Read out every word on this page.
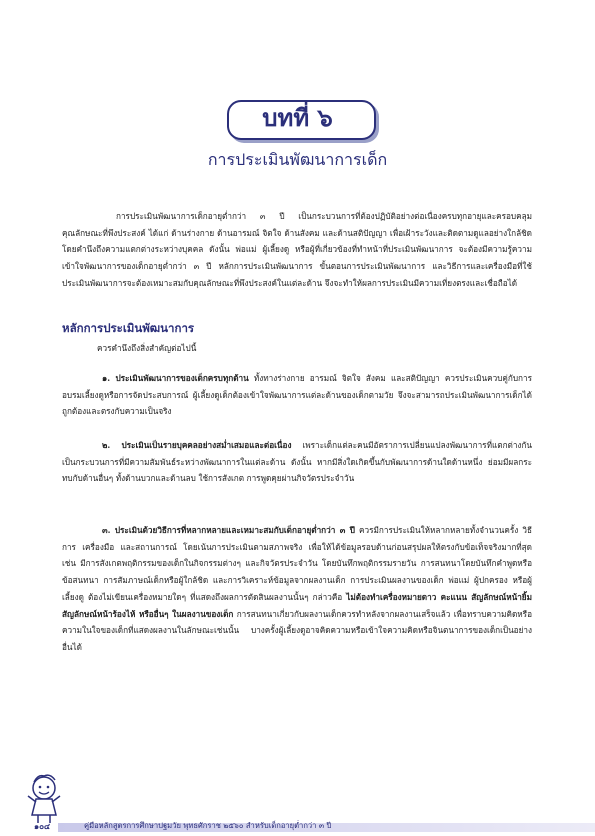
บทที่ ๖
การประเมินพัฒนาการเด็ก

การประเมินพัฒนาการเด็กอายุต่ำกว่า ๓ ปี เป็นกระบวนการที่ต้องปฏิบัติอย่างต่อเนื่องครบทุกอายุและครอบคลุมคุณลักษณะที่พึงประสงค์ ได้แก่ ด้านร่างกาย ด้านอารมณ์ จิตใจ ด้านสังคม และด้านสติปัญญา เพื่อเฝ้าระวังและติดตามดูแลอย่างใกล้ชิด โดยคำนึงถึงความแตกต่างระหว่างบุคคล ดังนั้น พ่อแม่ ผู้เลี้ยงดู หรือผู้ที่เกี่ยวข้องที่ทำหน้าที่ประเมินพัฒนาการ จะต้องมีความรู้ความเข้าใจพัฒนาการของเด็กอายุต่ำกว่า ๓ ปี หลักการประเมินพัฒนาการ ขั้นตอนการประเมินพัฒนาการ และวิธีการและเครื่องมือที่ใช้ประเมินพัฒนาการจะต้องเหมาะสมกับคุณลักษณะที่พึงประสงค์ในแต่ละด้าน จึงจะทำให้ผลการประเมินมีความเที่ยงตรงและเชื่อถือได้

หลักการประเมินพัฒนาการ
ควรคำนึงถึงสิ่งสำคัญต่อไปนี้

๑. ประเมินพัฒนาการของเด็กครบทุกด้าน ทั้งทางร่างกาย อารมณ์ จิตใจ สังคม และสติปัญญา ควรประเมินควบคู่กับการอบรมเลี้ยงดูหรือการจัดประสบการณ์ ผู้เลี้ยงดูเด็กต้องเข้าใจพัฒนาการแต่ละด้านของเด็กตามวัย จึงจะสามารถประเมินพัฒนาการเด็กได้ถูกต้องและตรงกับความเป็นจริง

๒. ประเมินเป็นรายบุคคลอย่างสม่ำเสมอและต่อเนื่อง เพราะเด็กแต่ละคนมีอัตราการเปลี่ยนแปลงพัฒนาการที่แตกต่างกัน เป็นกระบวนการที่มีความสัมพันธ์ระหว่างพัฒนาการในแต่ละด้าน ดังนั้น หากมีสิ่งใดเกิดขึ้นกับพัฒนาการด้านใดด้านหนึ่ง ย่อมมีผลกระทบกับด้านอื่นๆ ทั้งด้านบวกและด้านลบ ใช้การสังเกต การพูดคุยผ่านกิจวัตรประจำวัน

๓. ประเมินด้วยวิธีการที่หลากหลายและเหมาะสมกับเด็กอายุต่ำกว่า ๓ ปี ควรมีการประเมินให้หลากหลายทั้งจำนวนครั้ง วิธีการ เครื่องมือ และสถานการณ์ โดยเน้นการประเมินตามสภาพจริง เพื่อให้ได้ข้อมูลรอบด้านก่อนสรุปผลให้ตรงกับข้อเท็จจริงมากที่สุด เช่น มีการสังเกตพฤติกรรมของเด็กในกิจกรรมต่างๆ และกิจวัตรประจำวัน โดยบันทึกพฤติกรรมรายวัน การสนทนาโดยบันทึกคำพูดหรือข้อสนทนา การสัมภาษณ์เด็กหรือผู้ใกล้ชิด และการวิเคราะห์ข้อมูลจากผลงานเด็ก การประเมินผลงานของเด็ก พ่อแม่ ผู้ปกครอง หรือผู้เลี้ยงดู ต้องไม่เขียนเครื่องหมายใดๆ ที่แสดงถึงผลการตัดสินผลงานนั้นๆ กล่าวคือ ไม่ต้องทำเครื่องหมายดาว คะแนน สัญลักษณ์หน้ายิ้ม สัญลักษณ์หน้าร้องไห้ หรืออื่นๆ ในผลงานของเด็ก การสนทนาเกี่ยวกับผลงานเด็กควรทำหลังจากผลงานเสร็จแล้ว เพื่อทราบความคิดหรือความในใจของเด็กที่แสดงผลงานในลักษณะเช่นนั้น บางครั้งผู้เลี้ยงดูอาจคิดความหรือเข้าใจความคิดหรือจินตนาการของเด็กเป็นอย่างอื่นได้

๑๐๔	คู่มือหลักสูตรการศึกษาปฐมวัย พุทธศักราช ๒๕๖๐ สำหรับเด็กอายุต่ำกว่า ๓ ปี
